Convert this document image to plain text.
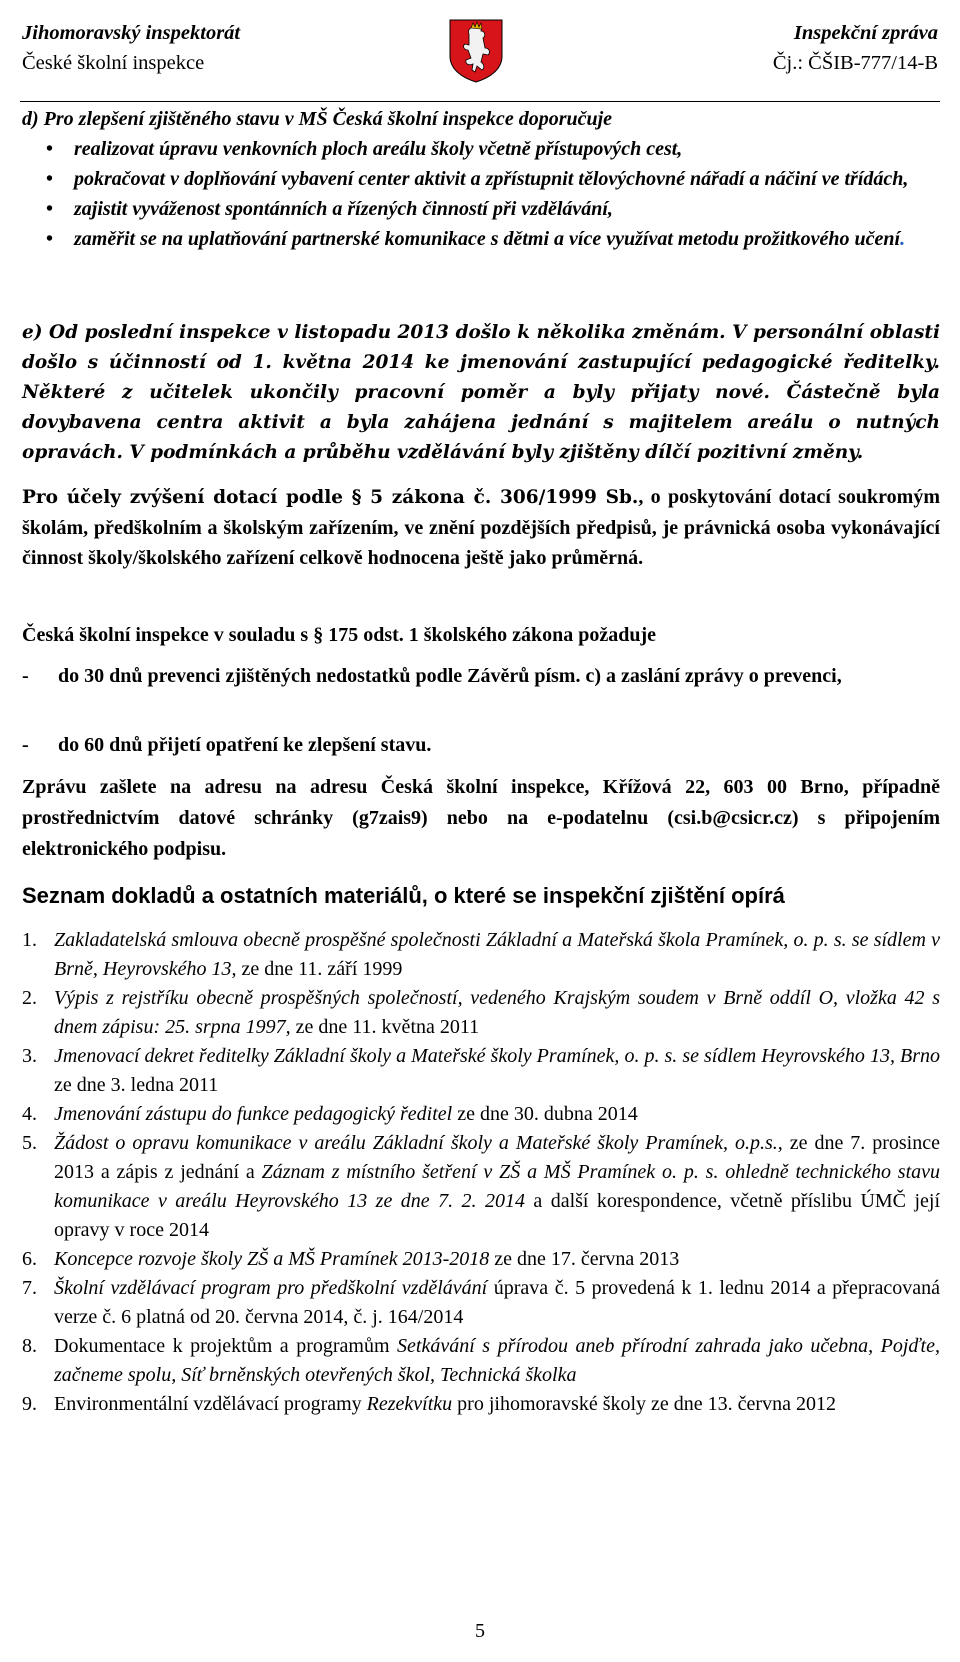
Jihomoravský inspektorát
České školní inspekce
Inspekční zpráva
Čj.: ČŠIB-777/14-B
d) Pro zlepšení zjištěného stavu v MŠ Česká školní inspekce doporučuje
• realizovat úpravu venkovních ploch areálu školy včetně přístupových cest,
• pokračovat v doplňování vybavení center aktivit a zpřístupnit tělovýchovné nářadí a náčiní ve třídách,
• zajistit vyváženost spontánních a řízených činností při vzdělávání,
• zaměřit se na uplatňování partnerské komunikace s dětmi a více využívat metodu prožitkového učení.
e) Od poslední inspekce v listopadu 2013 došlo k několika změnám. V personální oblasti došlo s účinností od 1. května 2014 ke jmenování zastupující pedagogické ředitelky. Některé z učitelek ukončily pracovní poměr a byly přijaty nové. Částečně byla dovybavena centra aktivit a byla zahájena jednání s majitelem areálu o nutných opravách. V podmínkách a průběhu vzdělávání byly zjištěny dílčí pozitivní změny.
Pro účely zvýšení dotací podle § 5 zákona č. 306/1999 Sb., o poskytování dotací soukromým školám, předškolním a školským zařízením, ve znění pozdějších předpisů, je právnická osoba vykonávající činnost školy/školského zařízení celkově hodnocena ještě jako průměrná.
Česká školní inspekce v souladu s § 175 odst. 1 školského zákona požaduje
- do 30 dnů prevenci zjištěných nedostatků podle Závěrů písm. c) a zaslání zprávy o prevenci,
- do 60 dnů přijetí opatření ke zlepšení stavu.
Zprávu zašlete na adresu na adresu Česká školní inspekce, Křížová 22, 603 00 Brno, případně prostřednictvím datové schránky (g7zais9) nebo na e-podatelnu (csi.b@csicr.cz) s připojením elektronického podpisu.
Seznam dokladů a ostatních materiálů, o které se inspekční zjištění opírá
1. Zakladatelská smlouva obecně prospěšné společnosti Základní a Mateřská škola Pramínek, o. p. s. se sídlem v Brně, Heyrovského 13, ze dne 11. září 1999
2. Výpis z rejstříku obecně prospěšných společností, vedeného Krajským soudem v Brně oddíl O, vložka 42 s dnem zápisu: 25. srpna 1997, ze dne 11. května 2011
3. Jmenovací dekret ředitelky Základní školy a Mateřské školy Pramínek, o. p. s. se sídlem Heyrovského 13, Brno ze dne 3. ledna 2011
4. Jmenování zástupu do funkce pedagogický ředitel ze dne 30. dubna 2014
5. Žádost o opravu komunikace v areálu Základní školy a Mateřské školy Pramínek, o.p.s., ze dne 7. prosince 2013 a zápis z jednání a Záznam z místního šetření v ZŠ a MŠ Pramínek o. p. s. ohledně technického stavu komunikace v areálu Heyrovského 13 ze dne 7. 2. 2014 a další korespondence, včetně příslibu ÚMČ její opravy v roce 2014
6. Koncepce rozvoje školy ZŠ a MŠ Pramínek 2013-2018 ze dne 17. června 2013
7. Školní vzdělávací program pro předškolní vzdělávání úprava č. 5 provedená k 1. lednu 2014 a přepracovaná verze č. 6 platná od 20. června 2014, č. j. 164/2014
8. Dokumentace k projektům a programům Setkávání s přírodou aneb přírodní zahrada jako učebna, Pojďte, začneme spolu, Síť brněnských otevřených škol, Technická školka
9. Environmentální vzdělávací programy Rezekvítku pro jihomoravské školy ze dne 13. června 2012
5
